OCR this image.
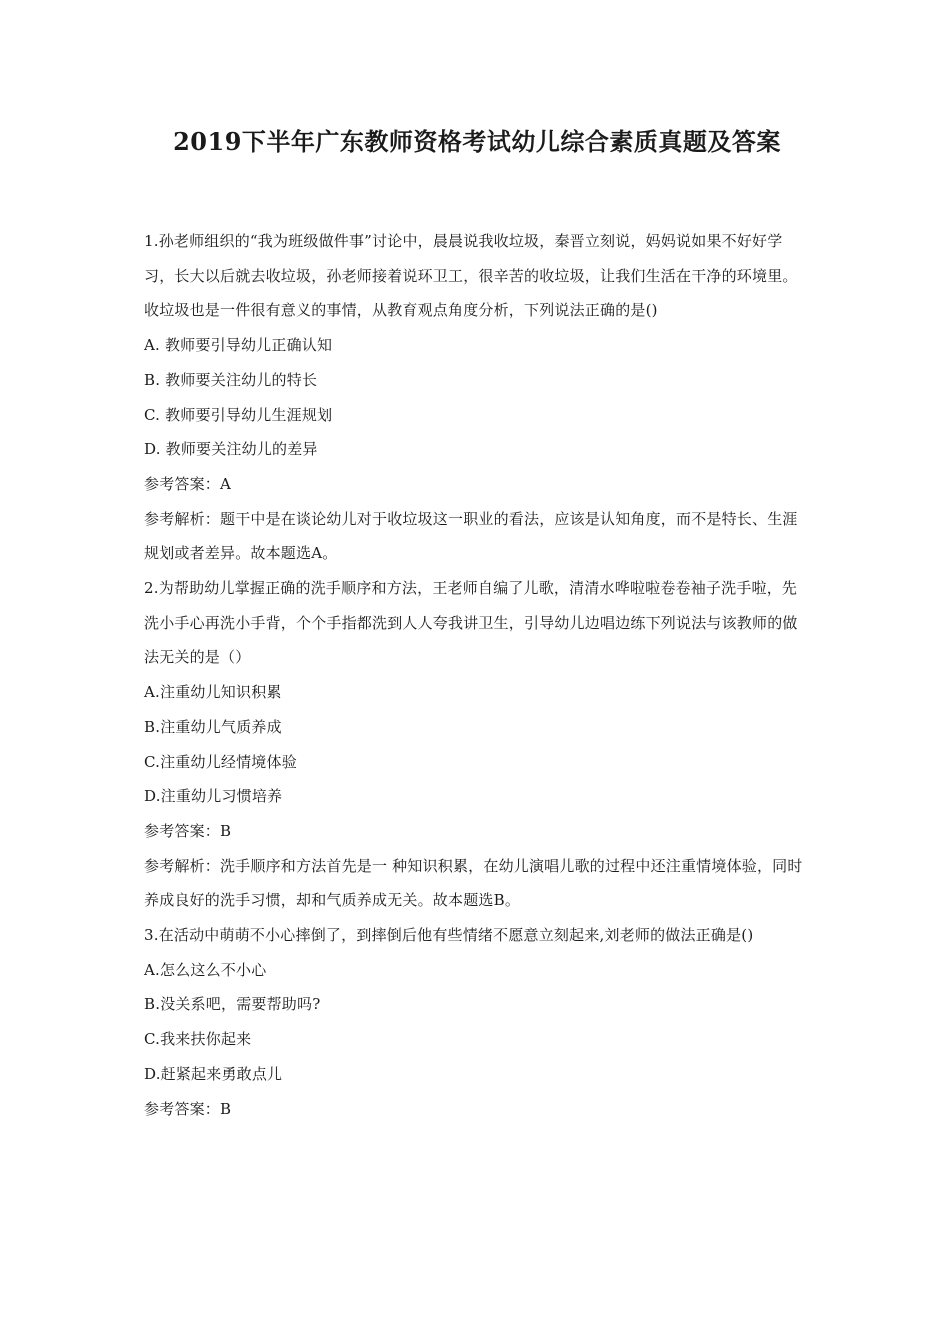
2019下半年广东教师资格考试幼儿综合素质真题及答案

1.孙老师组织的“我为班级做件事”讨论中，晨晨说我收垃圾，秦晋立刻说，妈妈说如果不好好学习，长大以后就去收垃圾，孙老师接着说环卫工，很辛苦的收垃圾，让我们生活在干净的环境里。收垃圾也是一件很有意义的事情，从教育观点角度分析，下列说法正确的是()

A. 教师要引导幼儿正确认知

B. 教师要关注幼儿的特长

C. 教师要引导幼儿生涯规划

D. 教师要关注幼儿的差异

参考答案：A

参考解析：题干中是在谈论幼儿对于收垃圾这一职业的看法，应该是认知角度，而不是特长、生涯规划或者差异。故本题选A。

2.为帮助幼儿掌握正确的洗手顺序和方法，王老师自编了儿歌，清清水哗啦啦卷卷袖子洗手啦，先洗小手心再洗小手背，个个手指都洗到人人夸我讲卫生，引导幼儿边唱边练下列说法与该教师的做法无关的是（）

A.注重幼儿知识积累

B.注重幼儿气质养成

C.注重幼儿经情境体验

D.注重幼儿习惯培养

参考答案：B

参考解析：洗手顺序和方法首先是一 种知识积累，在幼儿演唱儿歌的过程中还注重情境体验，同时养成良好的洗手习惯，却和气质养成无关。故本题选B。

3.在活动中萌萌不小心摔倒了，到摔倒后他有些情绪不愿意立刻起来,刘老师的做法正确是()

A.怎么这么不小心

B.没关系吧，需要帮助吗?

C.我来扶你起来

D.赶紧起来勇敢点儿

参考答案：B
